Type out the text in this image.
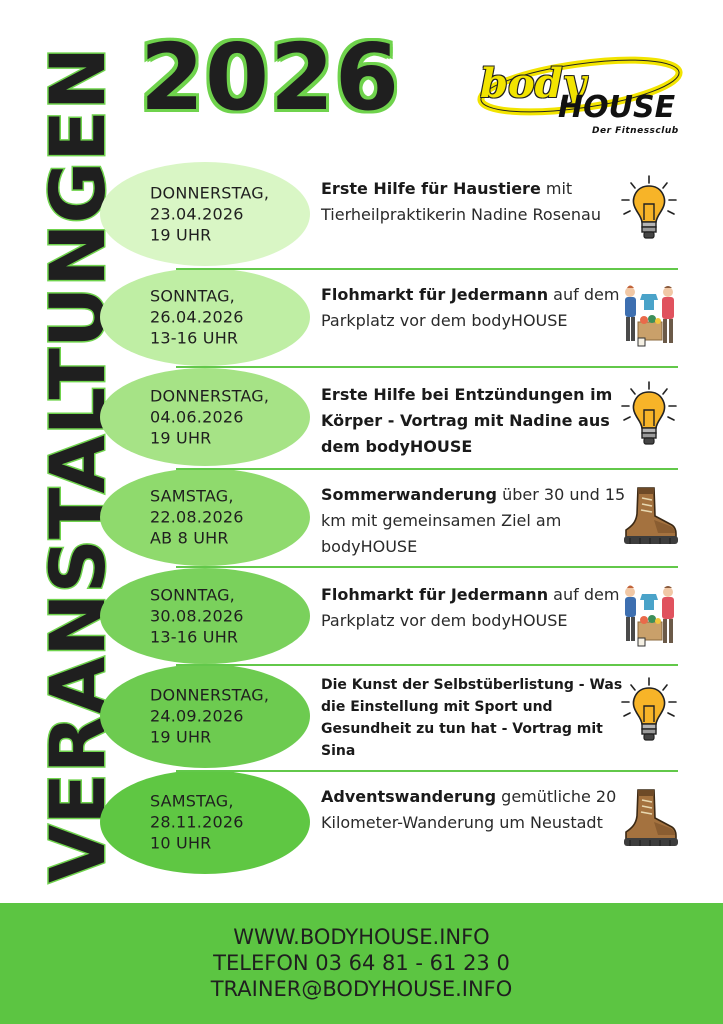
VERANSTALTUNGEN 2026 body
HOUSE
Der Fitnessclub
DONNERSTAG,
23.04.2026
19 UHR
Erste Hilfe für Haustiere mit Tierheilpraktikerin Nadine Rosenau
SONNTAG,
26.04.2026
13-16 UHR
Flohmarkt für Jedermann auf dem Parkplatz vor dem bodyHOUSE
DONNERSTAG,
04.06.2026
19 UHR
Erste Hilfe bei Entzündungen im Körper - Vortrag mit Nadine aus dem bodyHOUSE
SAMSTAG,
22.08.2026
AB 8 UHR
Sommerwanderung über 30 und 15 km mit gemeinsamen Ziel am bodyHOUSE
SONNTAG,
30.08.2026
13-16 UHR
Flohmarkt für Jedermann auf dem Parkplatz vor dem bodyHOUSE
DONNERSTAG,
24.09.2026
19 UHR
Die Kunst der Selbstüberlistung - Was die Einstellung mit Sport und Gesundheit zu tun hat - Vortrag mit Sina
SAMSTAG,
28.11.2026
10 UHR
Adventswanderung gemütliche 20 Kilometer-Wanderung um Neustadt
WWW.BODYHOUSE.INFO
TELEFON 03 64 81 - 61 23 0
TRAINER@BODYHOUSE.INFO
